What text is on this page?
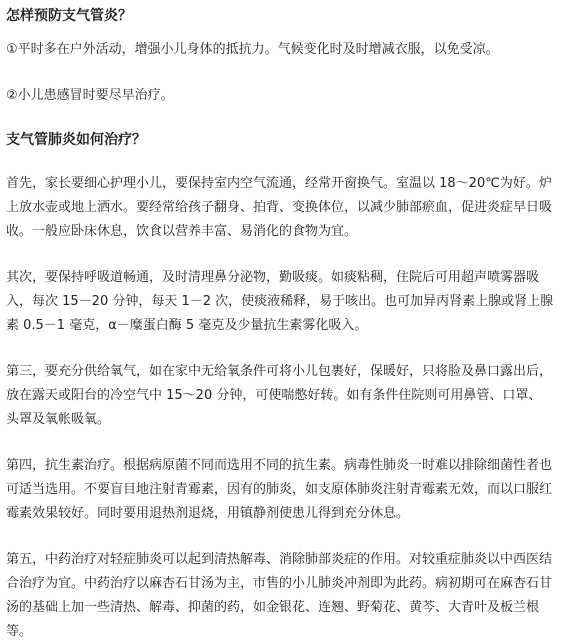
怎样预防支气管炎？

①平时多在户外活动，增强小儿身体的抵抗力。气候变化时及时增减衣服，以免受凉。

②小儿患感冒时要尽早治疗。

支气管肺炎如何治疗？

首先，家长要细心护理小儿，要保持室内空气流通，经常开窗换气。室温以 18～20℃为好。炉上放水壶或地上洒水。要经常给孩子翻身、拍背、变换体位，以减少肺部瘀血，促进炎症早日吸收。一般应卧床休息，饮食以营养丰富、易消化的食物为宜。

其次，要保持呼吸道畅通，及时清理鼻分泌物，勤吸痰。如痰粘稠，住院后可用超声喷雾器吸入，每次 15－20 分钟，每天 1－2 次，使痰液稀释，易于咳出。也可加异丙肾素上腺或肾上腺素 0.5－1 毫克，α－糜蛋白酶 5 毫克及少量抗生素雾化吸入。

第三，要充分供给氧气，如在家中无给氧条件可将小儿包裹好，保暖好，只将脸及鼻口露出后，放在露天或阳台的冷空气中 15～20 分钟，可使喘憋好转。如有条件住院则可用鼻管、口罩、头罩及氧帐吸氧。

第四，抗生素治疗。根据病原菌不同而选用不同的抗生素。病毒性肺炎一时难以排除细菌性者也可适当选用。不要盲目地注射青霉素，因有的肺炎，如支原体肺炎注射青霉素无效，而以口服红霉素效果较好。同时要用退热剂退烧，用镇静剂使患儿得到充分休息。

第五，中药治疗对轻症肺炎可以起到清热解毒、消除肺部炎症的作用。对较重症肺炎以中西医结合治疗为宜。中药治疗以麻杏石甘汤为主，市售的小儿肺炎冲剂即为此药。病初期可在麻杏石甘汤的基础上加一些清热、解毒、抑菌的药，如金银花、连翘、野菊花、黄芩、大青叶及板兰根等。
